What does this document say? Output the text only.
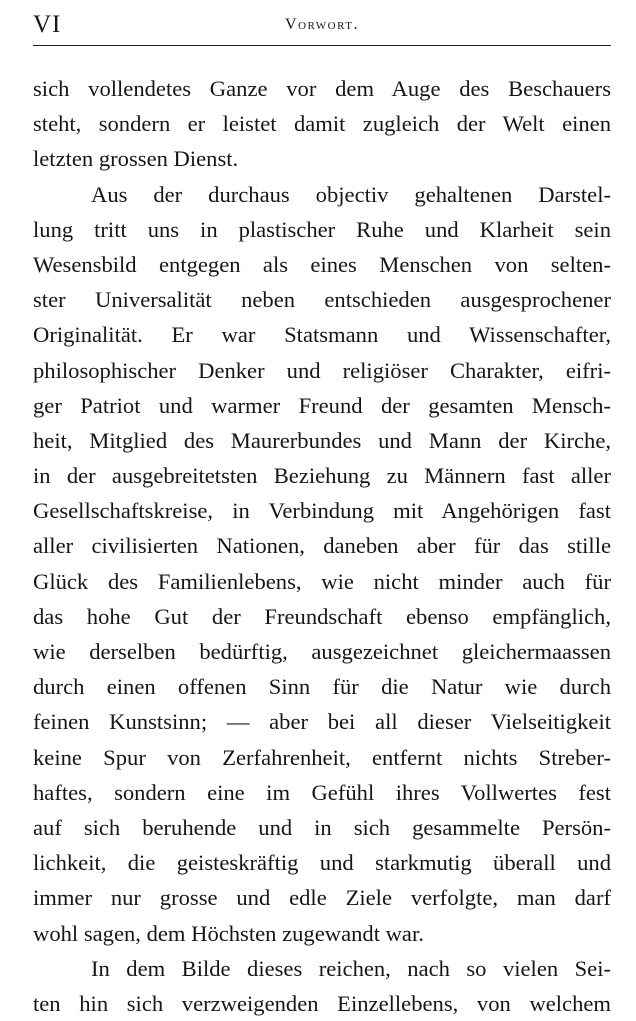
VI	Vorwort.
sich vollendetes Ganze vor dem Auge des Beschauers
steht, sondern er leistet damit zugleich der Welt einen
letzten grossen Dienst.
Aus der durchaus objectiv gehaltenen Darstel-
lung tritt uns in plastischer Ruhe und Klarheit sein
Wesensbild entgegen als eines Menschen von selten-
ster Universalität neben entschieden ausgesprochener
Originalität. Er war Statsmann und Wissenschafter,
philosophischer Denker und religiöser Charakter, eifri-
ger Patriot und warmer Freund der gesamten Mensch-
heit, Mitglied des Maurerbundes und Mann der Kirche,
in der ausgebreitetsten Beziehung zu Männern fast aller
Gesellschaftskreise, in Verbindung mit Angehörigen fast
aller civilisierten Nationen, daneben aber für das stille
Glück des Familienlebens, wie nicht minder auch für
das hohe Gut der Freundschaft ebenso empfänglich,
wie derselben bedürftig, ausgezeichnet gleichermaassen
durch einen offenen Sinn für die Natur wie durch
feinen Kunstsinn; — aber bei all dieser Vielseitigkeit
keine Spur von Zerfahrenheit, entfernt nichts Streber-
haftes, sondern eine im Gefühl ihres Vollwertes fest
auf sich beruhende und in sich gesammelte Persön-
lichkeit, die geisteskräftig und starkmutig überall und
immer nur grosse und edle Ziele verfolgte, man darf
wohl sagen, dem Höchsten zugewandt war.
In dem Bilde dieses reichen, nach so vielen Sei-
ten hin sich verzweigenden Einzellebens, von welchem
